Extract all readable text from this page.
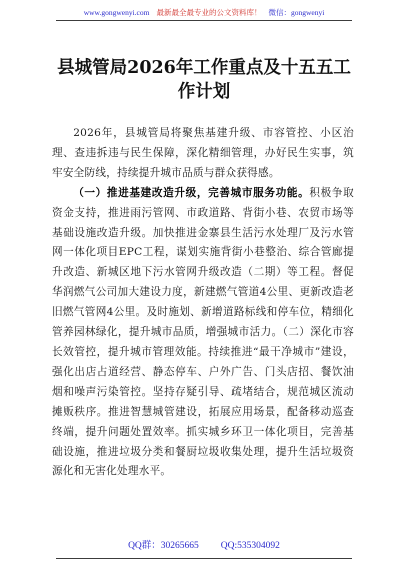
www.gongwenyi.com 最新最全最专业的公文资料库！ 微信：gongwenyi
县城管局2026年工作重点及十五五工作计划

2026年，县城管局将聚焦基建升级、市容管控、小区治理、查违拆违与民生保障，深化精细管理，办好民生实事，筑牢安全防线，持续提升城市品质与群众获得感。

（一）推进基建改造升级，完善城市服务功能。积极争取资金支持，推进雨污管网、市政道路、背街小巷、农贸市场等基础设施改造升级。加快推进金寨县生活污水处理厂及污水管网一体化项目EPC工程，谋划实施背街小巷整治、综合管廊提升改造、新城区地下污水管网升级改造（二期）等工程。督促华润燃气公司加大建设力度，新建燃气管道4公里、更新改造老旧燃气管网4公里。及时施划、新增道路标线和停车位，精细化管养园林绿化，提升城市品质，增强城市活力。（二）深化市容长效管控，提升城市管理效能。持续推进“最干净城市”建设，强化出店占道经营、静态停车、户外广告、门头店招、餐饮油烟和噪声污染管控。坚持存疑引导、疏堵结合，规范城区流动摊贩秩序。推进智慧城管建设，拓展应用场景，配备移动巡查终端，提升问题处置效率。抓实城乡环卫一体化项目，完善基础设施，推进垃圾分类和餐厨垃圾收集处理，提升生活垃圾资源化和无害化处理水平。

QQ群：30265665 QQ:535304092
